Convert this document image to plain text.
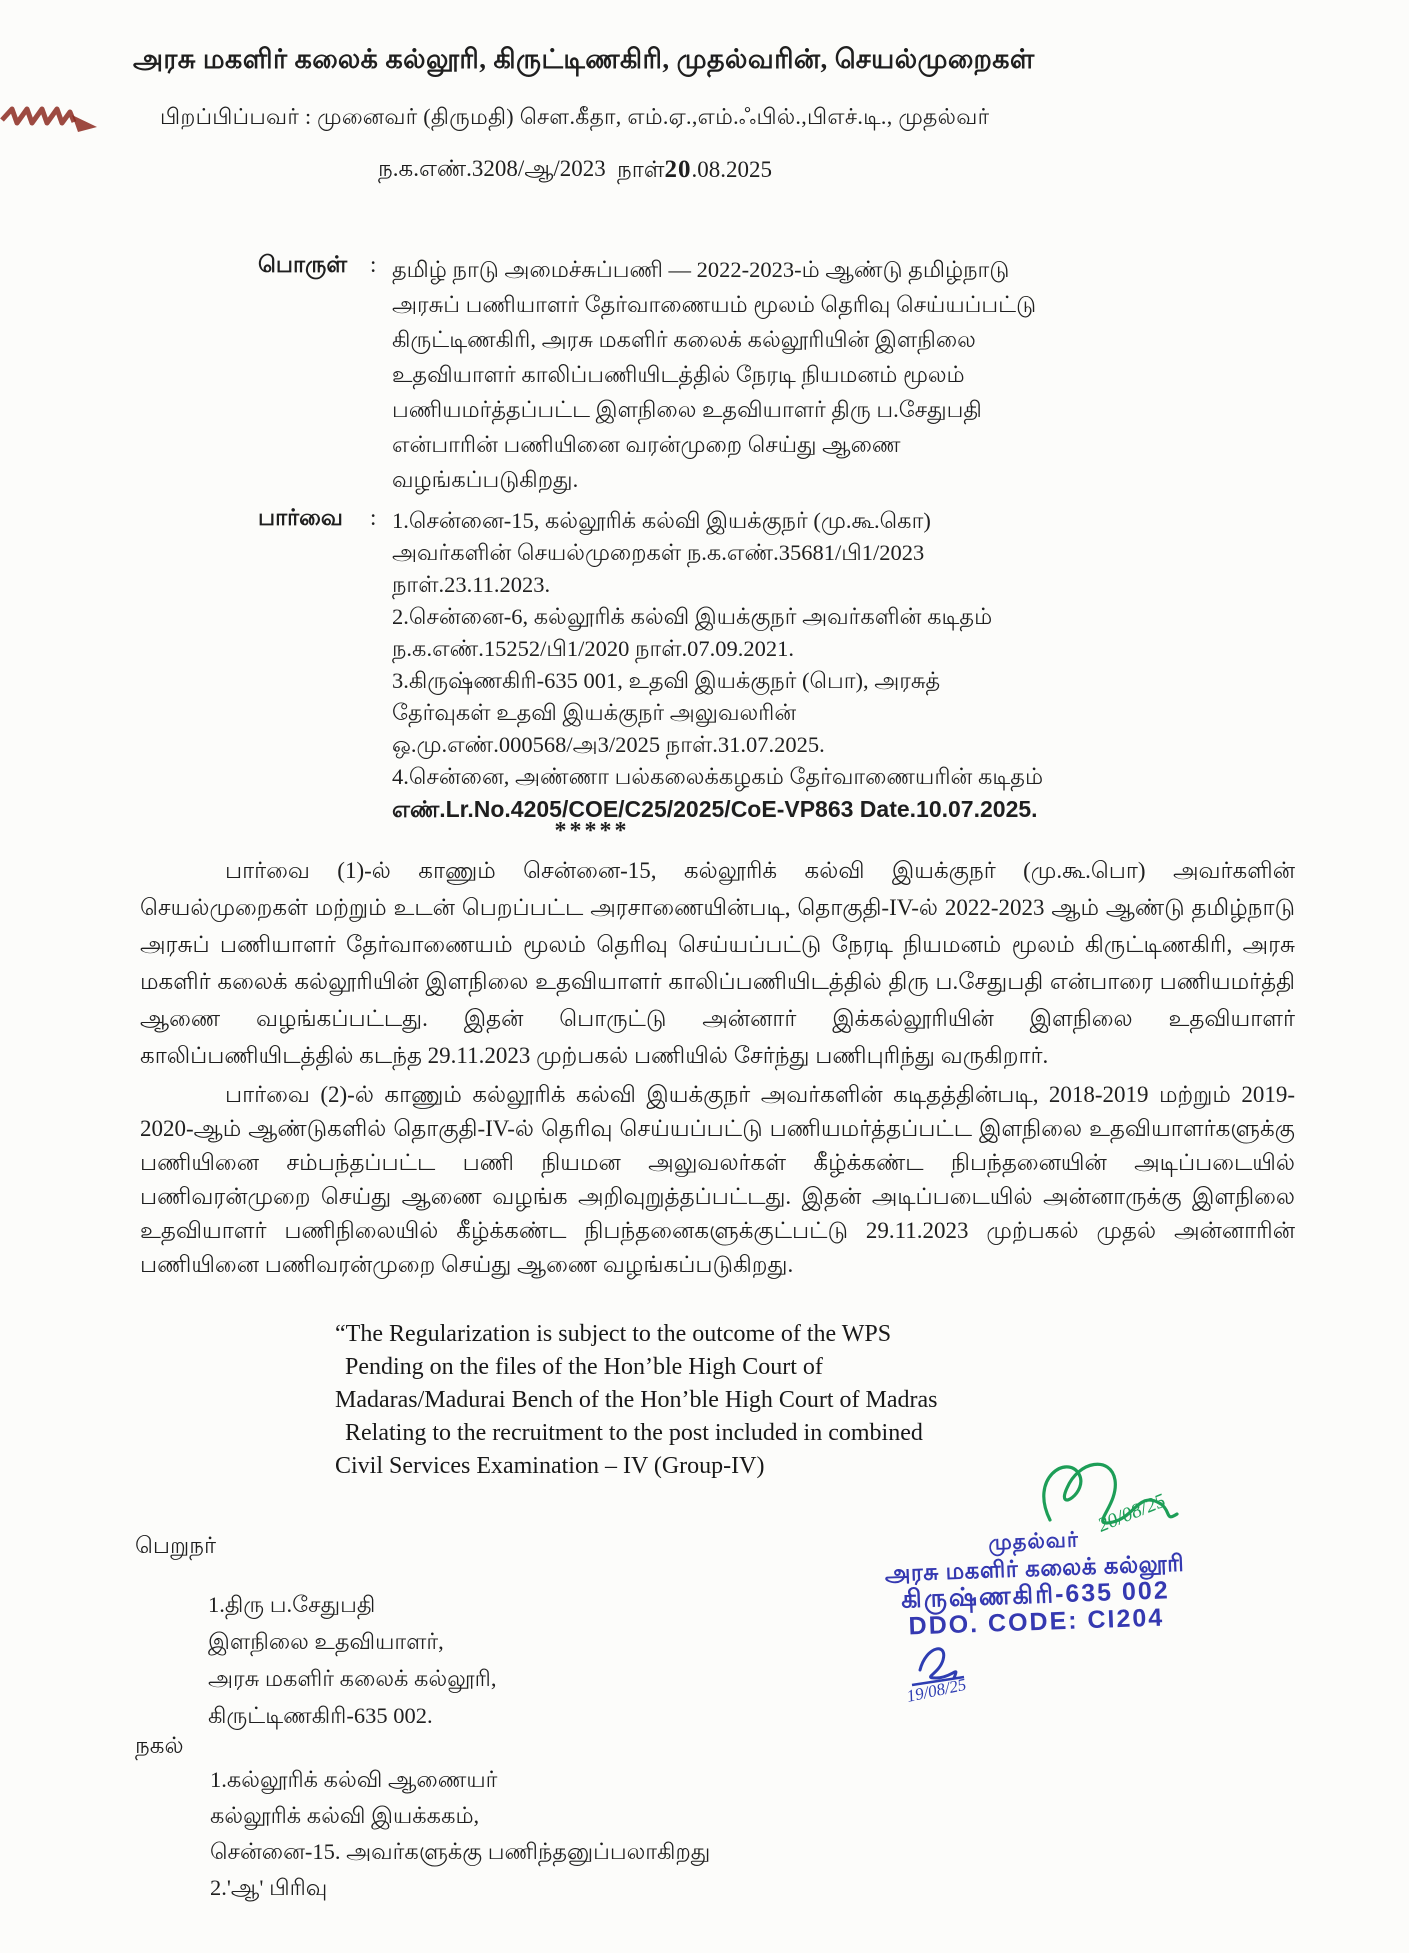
அரசு மகளிர் கலைக் கல்லூரி, கிருட்டிணகிரி, முதல்வரின், செயல்முறைகள்
பிறப்பிப்பவர் : முனைவர் (திருமதி) செள.கீதா, எம்.ஏ.,எம்.ஃபில்.,பிஎச்.டி., முதல்வர்
ந.க.எண்.3208/ஆ/2023 நாள்20.08.2025
பொருள் : தமிழ் நாடு அமைச்சுப்பணி — 2022-2023-ம் ஆண்டு தமிழ்நாடு
அரசுப் பணியாளர் தேர்வாணையம் மூலம் தெரிவு செய்யப்பட்டு
கிருட்டிணகிரி, அரசு மகளிர் கலைக் கல்லூரியின் இளநிலை
உதவியாளர் காலிப்பணியிடத்தில் நேரடி நியமனம் மூலம்
பணியமர்த்தப்பட்ட இளநிலை உதவியாளர் திரு ப.சேதுபதி
என்பாரின் பணியினை வரன்முறை செய்து ஆணை
வழங்கப்படுகிறது.
பார்வை : 1.சென்னை-15, கல்லூரிக் கல்வி இயக்குநர் (மு.கூ.கொ)
அவர்களின் செயல்முறைகள் ந.க.எண்.35681/பி1/2023
நாள்.23.11.2023.
2.சென்னை-6, கல்லூரிக் கல்வி இயக்குநர் அவர்களின் கடிதம்
ந.க.எண்.15252/பி1/2020 நாள்.07.09.2021.
3.கிருஷ்ணகிரி-635 001, உதவி இயக்குநர் (பொ), அரசுத்
தேர்வுகள் உதவி இயக்குநர் அலுவலரின்
ஒ.மு.எண்.000568/அ3/2025 நாள்.31.07.2025.
4.சென்னை, அண்ணா பல்கலைக்கழகம் தேர்வாணையரின் கடிதம்
எண்.Lr.No.4205/COE/C25/2025/CoE-VP863 Date.10.07.2025.
*****

பார்வை (1)-ல் காணும் சென்னை-15, கல்லூரிக் கல்வி இயக்குநர் (மு.கூ.பொ) அவர்களின் செயல்முறைகள் மற்றும் உடன் பெறப்பட்ட அரசாணையின்படி, தொகுதி-IV-ல் 2022-2023 ஆம் ஆண்டு தமிழ்நாடு அரசுப் பணியாளர் தேர்வாணையம் மூலம் தெரிவு செய்யப்பட்டு நேரடி நியமனம் மூலம் கிருட்டிணகிரி, அரசு மகளிர் கலைக் கல்லூரியின் இளநிலை உதவியாளர் காலிப்பணியிடத்தில் திரு ப.சேதுபதி என்பாரை பணியமர்த்தி ஆணை வழங்கப்பட்டது. இதன் பொருட்டு அன்னார் இக்கல்லூரியின் இளநிலை உதவியாளர் காலிப்பணியிடத்தில் கடந்த 29.11.2023 முற்பகல் பணியில் சேர்ந்து பணிபுரிந்து வருகிறார்.

பார்வை (2)-ல் காணும் கல்லூரிக் கல்வி இயக்குநர் அவர்களின் கடிதத்தின்படி, 2018-2019 மற்றும் 2019-2020-ஆம் ஆண்டுகளில் தொகுதி-IV-ல் தெரிவு செய்யப்பட்டு பணியமர்த்தப்பட்ட இளநிலை உதவியாளர்களுக்கு பணியினை சம்பந்தப்பட்ட பணி நியமன அலுவலர்கள் கீழ்க்கண்ட நிபந்தனையின் அடிப்படையில் பணிவரன்முறை செய்து ஆணை வழங்க அறிவுறுத்தப்பட்டது. இதன் அடிப்படையில் அன்னாருக்கு இளநிலை உதவியாளர் பணிநிலையில் கீழ்க்கண்ட நிபந்தனைகளுக்குட்பட்டு 29.11.2023 முற்பகல் முதல் அன்னாரின் பணியினை பணிவரன்முறை செய்து ஆணை வழங்கப்படுகிறது.

“The Regularization is subject to the outcome of the WPS
Pending on the files of the Hon’ble High Court of
Madaras/Madurai Bench of the Hon’ble High Court of Madras
Relating to the recruitment to the post included in combined
Civil Services Examination – IV (Group-IV)
20/08/25
முதல்வர்
அரசு மகளிர் கலைக் கல்லூரி
கிருஷ்ணகிரி-635 002
DDO. CODE: CI204
19/08/25
பெறுநர்
1.திரு ப.சேதுபதி
இளநிலை உதவியாளர்,
அரசு மகளிர் கலைக் கல்லூரி,
கிருட்டிணகிரி-635 002.
நகல்
1.கல்லூரிக் கல்வி ஆணையர்
கல்லூரிக் கல்வி இயக்ககம்,
சென்னை-15. அவர்களுக்கு பணிந்தனுப்பலாகிறது
2.'ஆ' பிரிவு
